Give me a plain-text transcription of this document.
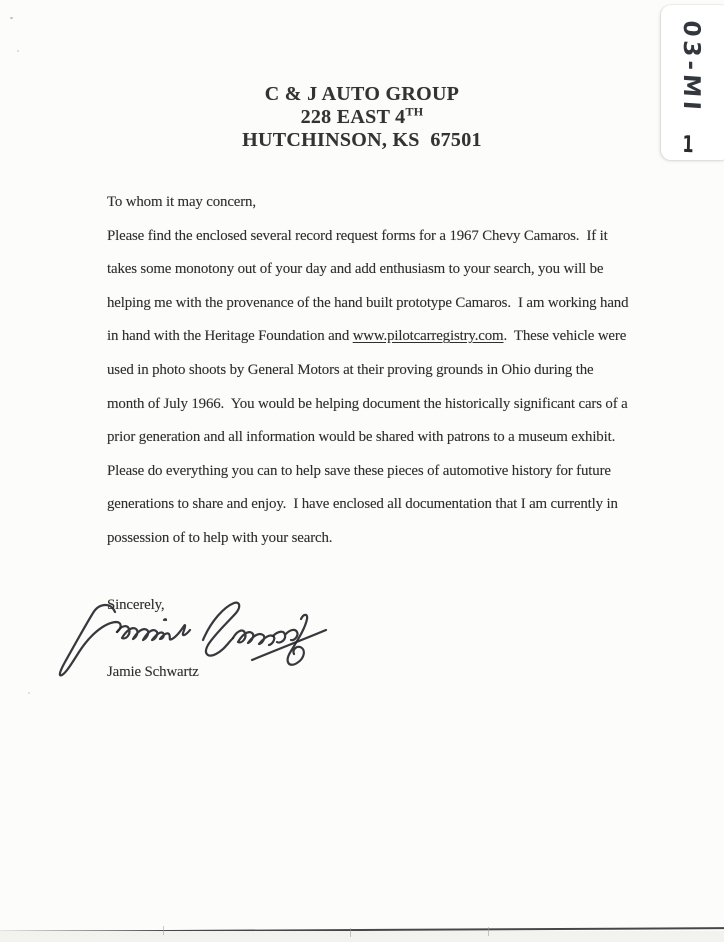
C & J AUTO GROUP
228 EAST 4TH
HUTCHINSON, KS  67501
To whom it may concern,
Please find the enclosed several record request forms for a 1967 Chevy Camaros.  If it
takes some monotony out of your day and add enthusiasm to your search, you will be
helping me with the provenance of the hand built prototype Camaros.  I am working hand
in hand with the Heritage Foundation and www.pilotcarregistry.com.  These vehicle were
used in photo shoots by General Motors at their proving grounds in Ohio during the
month of July 1966.  You would be helping document the historically significant cars of a
prior generation and all information would be shared with patrons to a museum exhibit.
Please do everything you can to help save these pieces of automotive history for future
generations to share and enjoy.  I have enclosed all documentation that I am currently in
possession of to help with your search.
Sincerely,
Jamie Schwartz
03-MI
1
